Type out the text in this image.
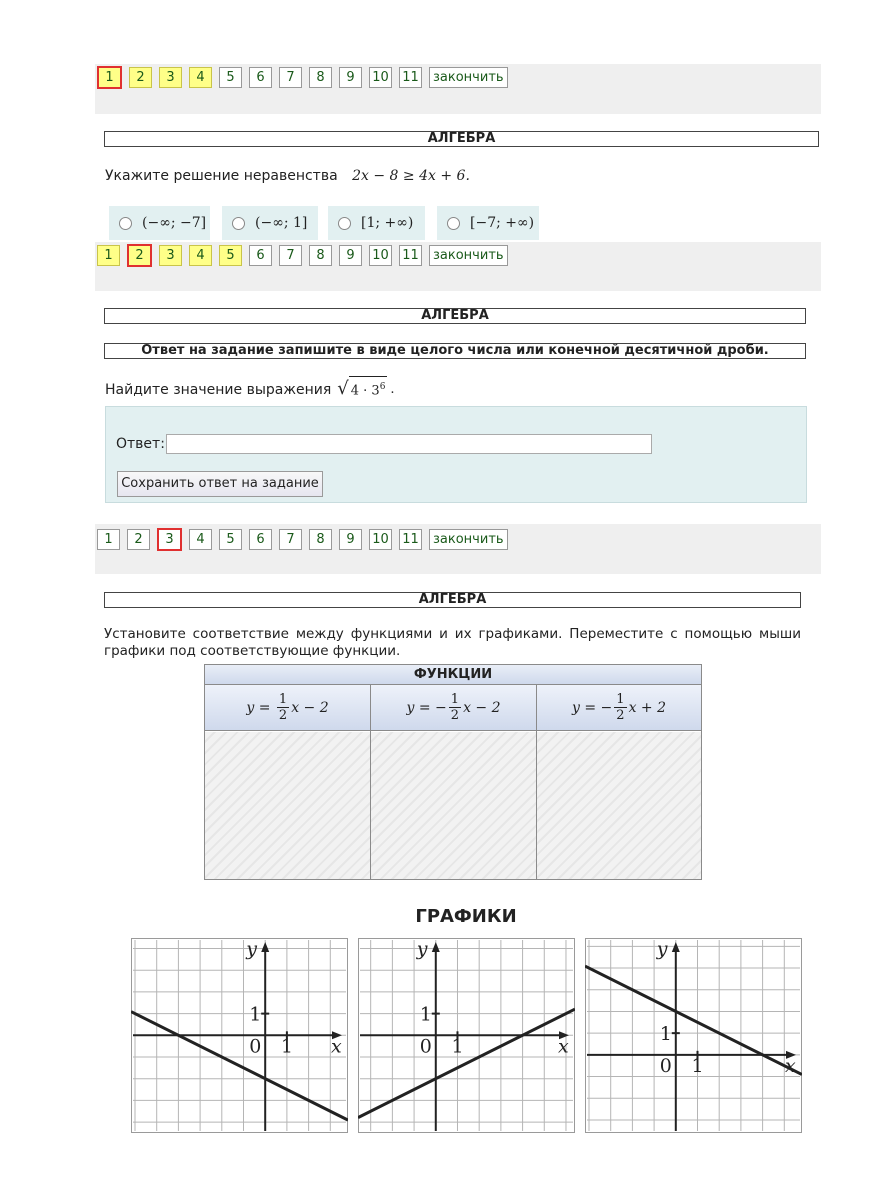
1	2	3	4	5	6	7	8	9	10 11	закончить
АЛГЕБРА
Укажите решение неравенства 2x − 8 ≥ 4x + 6.
(−∞; −7]	(−∞; 1]	[1; +∞)	[−7; +∞)
1	2	3	4	5	6	7	8	9	10 11	закончить
АЛГЕБРА
Ответ на задание запишите в виде целого числа или конечной десятичной дроби.
Найдите значение выражения √ $4 \cdot 3^6$ .
Ответ:
Сохранить ответ на задание
1	2	3	4	5	6	7	8	9	10 11	закончить
АЛГЕБРА
Установите соответствие между функциями и их графиками. Переместите с помощью мыши графики под соответствующие функции.
ФУНКЦИИ
$y = \frac{1}{2}$ x − 2	y = − $\frac{1}{2}$ x − 2	y = − $\frac{1}{2}$ x + 2
ГРАФИКИ
y
x
0 1
1
y
x
0 1
1
y
x
0 1
1
